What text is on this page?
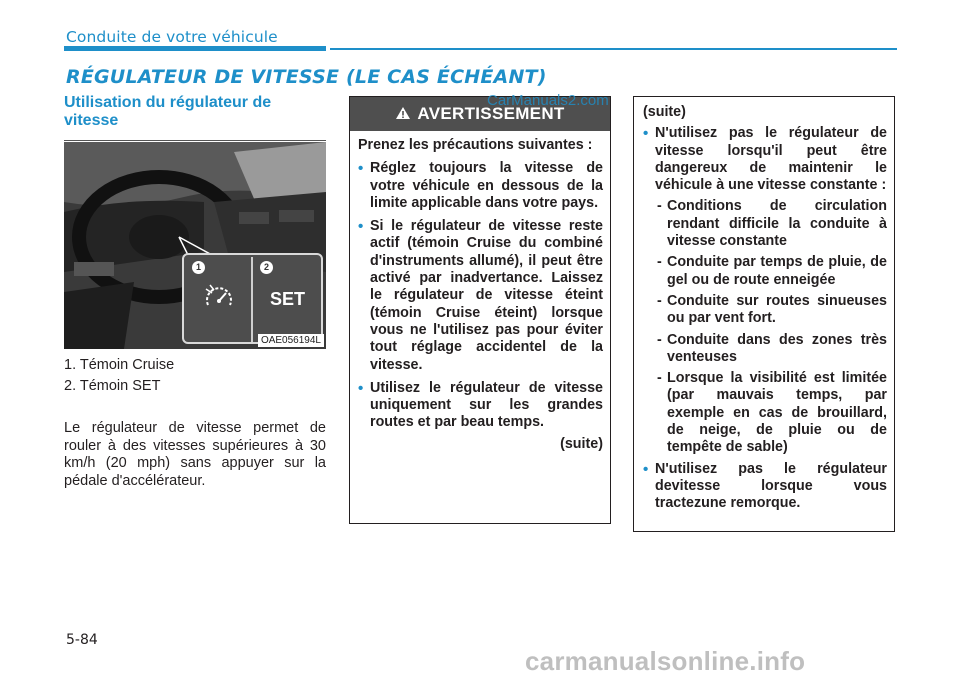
Conduite de votre véhicule
RÉGULATEUR DE VITESSE (LE CAS ÉCHÉANT)
Utilisation du régulateur de vitesse
1	2
SET
OAE056194L
1. Témoin Cruise
2. Témoin SET
Le régulateur de vitesse permet de rouler à des vitesses supérieures à 30 km/h (20 mph) sans appuyer sur la pédale d'accélérateur.
AVERTISSEMENT

Prenez les précautions suivantes :

• Réglez toujours la vitesse de votre véhicule en dessous de la limite applicable dans votre pays.
• Si le régulateur de vitesse reste actif (témoin Cruise du combiné d'instruments allumé), il peut être activé par inadvertance. Laissez le régulateur de vitesse éteint (témoin Cruise éteint) lorsque vous ne l'utilisez pas pour éviter tout réglage accidentel de la vitesse.
• Utilisez le régulateur de vitesse uniquement sur les grandes routes et par beau temps.
(suite)

(suite)

• N'utilisez pas le régulateur de vitesse lorsqu'il peut être dangereux de maintenir le véhicule à une vitesse constante :
- Conditions de circulation rendant difficile la conduite à vitesse constante
- Conduite par temps de pluie, de gel ou de route enneigée
- Conduite sur routes sinueuses ou par vent fort.
- Conduite dans des zones très venteuses
- Lorsque la visibilité est limitée (par mauvais temps, par exemple en cas de brouillard, de neige, de pluie ou de tempête de sable)
• N'utilisez pas le régulateur devitesse lorsque vous tractezune remorque.
CarManuals2.com
5-84
carmanualsonline.info
